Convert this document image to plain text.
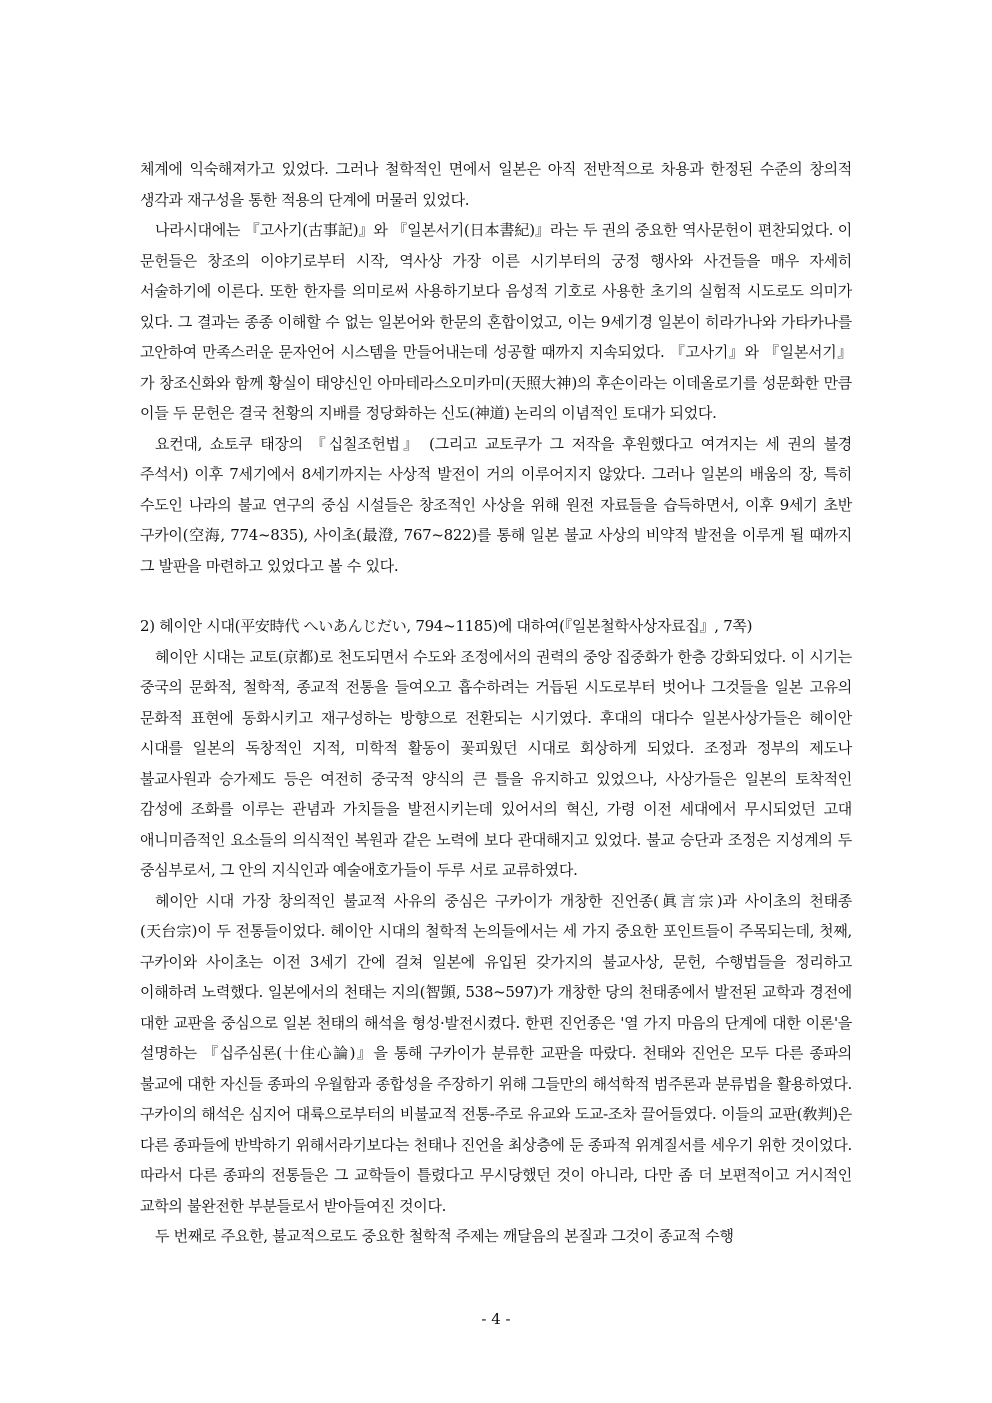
체계에 익숙해져가고 있었다. 그러나 철학적인 면에서 일본은 아직 전반적으로 차용과 한정된 수준의 창의적 생각과 재구성을 통한 적용의 단계에 머물러 있었다.

나라시대에는 『고사기(古事記)』와 『일본서기(日本書紀)』라는 두 권의 중요한 역사문헌이 편찬되었다. 이 문헌들은 창조의 이야기로부터 시작, 역사상 가장 이른 시기부터의 궁정 행사와 사건들을 매우 자세히 서술하기에 이른다. 또한 한자를 의미로써 사용하기보다 음성적 기호로 사용한 초기의 실험적 시도로도 의미가 있다. 그 결과는 종종 이해할 수 없는 일본어와 한문의 혼합이었고, 이는 9세기경 일본이 히라가나와 가타카나를 고안하여 만족스러운 문자언어 시스템을 만들어내는데 성공할 때까지 지속되었다. 『고사기』와 『일본서기』가 창조신화와 함께 황실이 태양신인 아마테라스오미카미(天照大神)의 후손이라는 이데올로기를 성문화한 만큼 이들 두 문헌은 결국 천황의 지배를 정당화하는 신도(神道) 논리의 이념적인 토대가 되었다.

요컨대, 쇼토쿠 태장의 『십칠조헌법』 (그리고 교토쿠가 그 저작을 후원했다고 여겨지는 세 권의 불경 주석서) 이후 7세기에서 8세기까지는 사상적 발전이 거의 이루어지지 않았다. 그러나 일본의 배움의 장, 특히 수도인 나라의 불교 연구의 중심 시설들은 창조적인 사상을 위해 원전 자료들을 습득하면서, 이후 9세기 초반 구카이(空海, 774~835), 사이초(最澄, 767~822)를 통해 일본 불교 사상의 비약적 발전을 이루게 될 때까지 그 발판을 마련하고 있었다고 볼 수 있다.

2) 헤이안 시대(平安時代 へいあんじだい, 794~1185)에 대하여(『일본철학사상자료집』, 7쪽)

헤이안 시대는 교토(京都)로 천도되면서 수도와 조정에서의 권력의 중앙 집중화가 한층 강화되었다. 이 시기는 중국의 문화적, 철학적, 종교적 전통을 들여오고 흡수하려는 거듭된 시도로부터 벗어나 그것들을 일본 고유의 문화적 표현에 동화시키고 재구성하는 방향으로 전환되는 시기였다. 후대의 대다수 일본사상가들은 헤이안 시대를 일본의 독창적인 지적, 미학적 활동이 꽃피웠던 시대로 회상하게 되었다. 조정과 정부의 제도나 불교사원과 승가제도 등은 여전히 중국적 양식의 큰 틀을 유지하고 있었으나, 사상가들은 일본의 토착적인 감성에 조화를 이루는 관념과 가치들을 발전시키는데 있어서의 혁신, 가령 이전 세대에서 무시되었던 고대 애니미즘적인 요소들의 의식적인 복원과 같은 노력에 보다 관대해지고 있었다. 불교 승단과 조정은 지성계의 두 중심부로서, 그 안의 지식인과 예술애호가들이 두루 서로 교류하였다.

헤이안 시대 가장 창의적인 불교적 사유의 중심은 구카이가 개창한 진언종(眞言宗)과 사이초의 천태종(天台宗)이 두 전통들이었다. 헤이안 시대의 철학적 논의들에서는 세 가지 중요한 포인트들이 주목되는데, 첫째, 구카이와 사이초는 이전 3세기 간에 걸쳐 일본에 유입된 갖가지의 불교사상, 문헌, 수행법들을 정리하고 이해하려 노력했다. 일본에서의 천태는 지의(智顗, 538~597)가 개창한 당의 천태종에서 발전된 교학과 경전에 대한 교판을 중심으로 일본 천태의 해석을 형성·발전시켰다. 한편 진언종은 '열 가지 마음의 단계에 대한 이론'을 설명하는 『십주심론(十住心論)』을 통해 구카이가 분류한 교판을 따랐다. 천태와 진언은 모두 다른 종파의 불교에 대한 자신들 종파의 우월함과 종합성을 주장하기 위해 그들만의 해석학적 범주론과 분류법을 활용하였다. 구카이의 해석은 심지어 대륙으로부터의 비불교적 전통-주로 유교와 도교-조차 끌어들였다. 이들의 교판(敎判)은 다른 종파들에 반박하기 위해서라기보다는 천태나 진언을 최상층에 둔 종파적 위계질서를 세우기 위한 것이었다. 따라서 다른 종파의 전통들은 그 교학들이 틀렸다고 무시당했던 것이 아니라, 다만 좀 더 보편적이고 거시적인 교학의 불완전한 부분들로서 받아들여진 것이다.

두 번째로 주요한, 불교적으로도 중요한 철학적 주제는 깨달음의 본질과 그것이 종교적 수행

- 4 -
